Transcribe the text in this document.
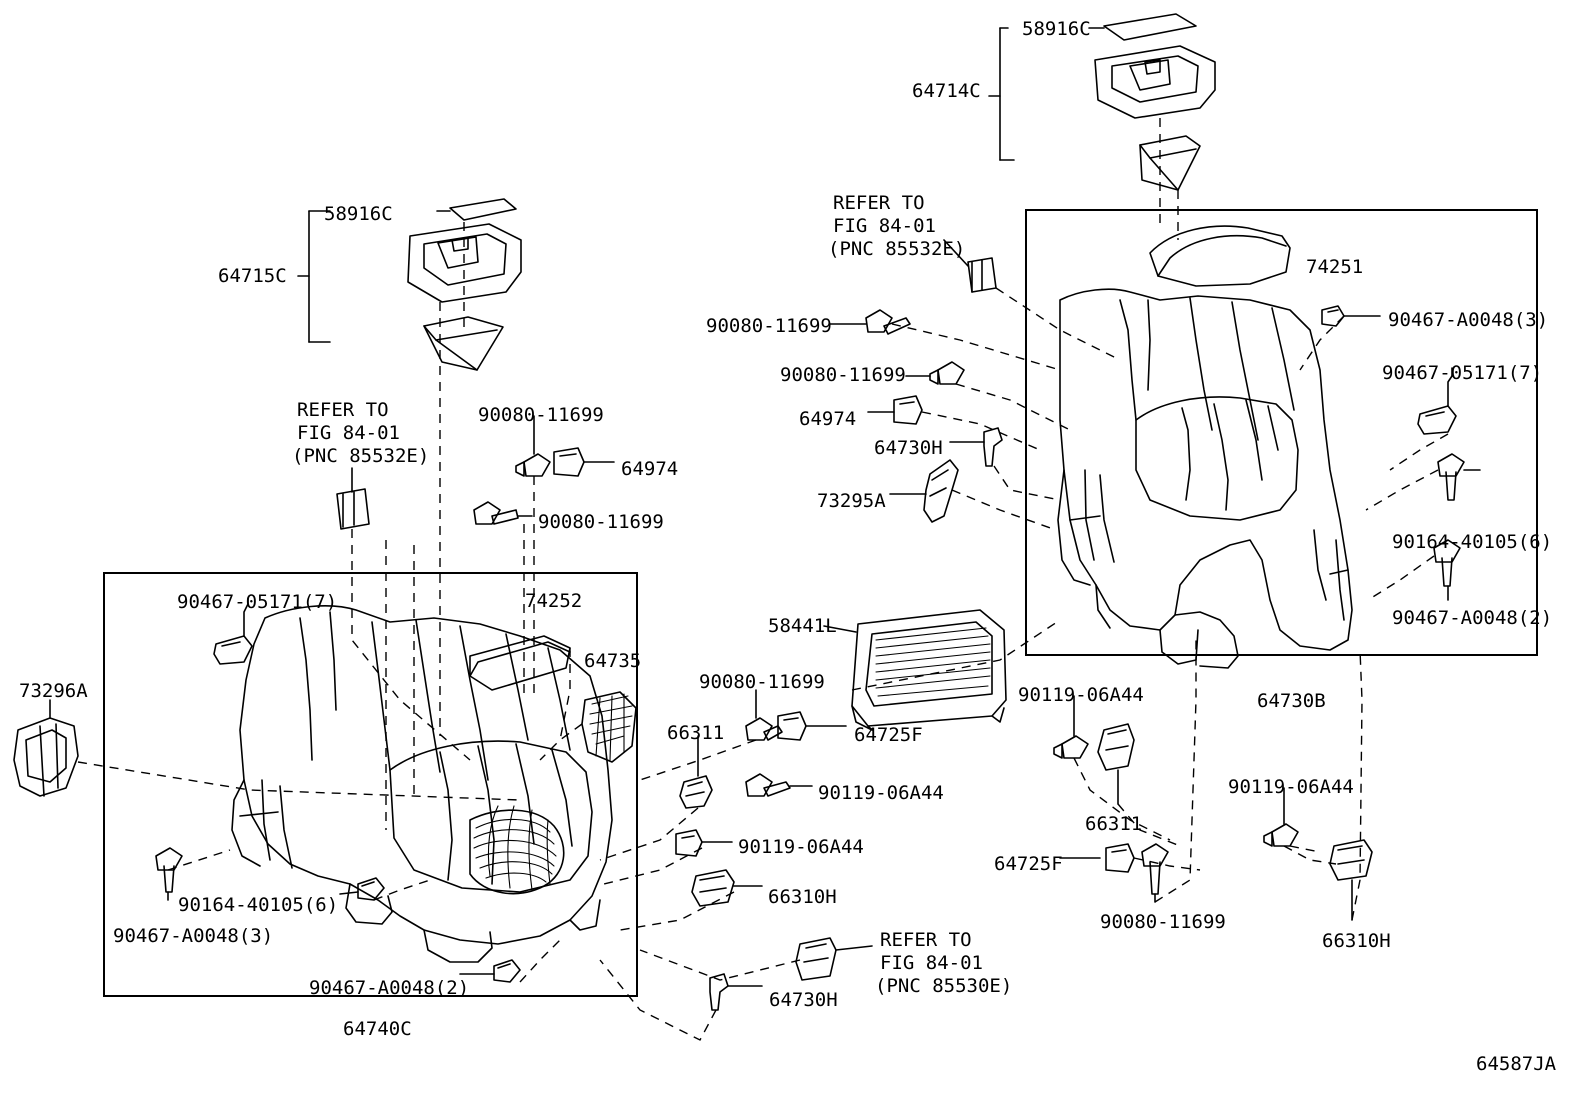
58916C
64714C
58916C
64715C
REFER TO
FIG 84-01
(PNC 85532E)
74251
90467-A0048(3)
90080-11699
90467-05171(7)
90080-11699
REFER TO
FIG 84-01
(PNC 85532E)
90080-11699	64974
64730H
64974
73295A
90080-11699
90164-40105(6)
90467-A0048(2)
90467-05171(7)	74252
64735
73296A
58441L
90080-11699
90119-06A44	64730B
66311	64725F
90119-06A44
66311
90119-06A44
90119-06A44
66310H
64725F
90164-40105(6)
90467-A0048(3)
90080-11699
66310H
REFER TO
FIG 84-01
(PNC 85530E)
90467-A0048(2)
64730H
64740C
64587JA
